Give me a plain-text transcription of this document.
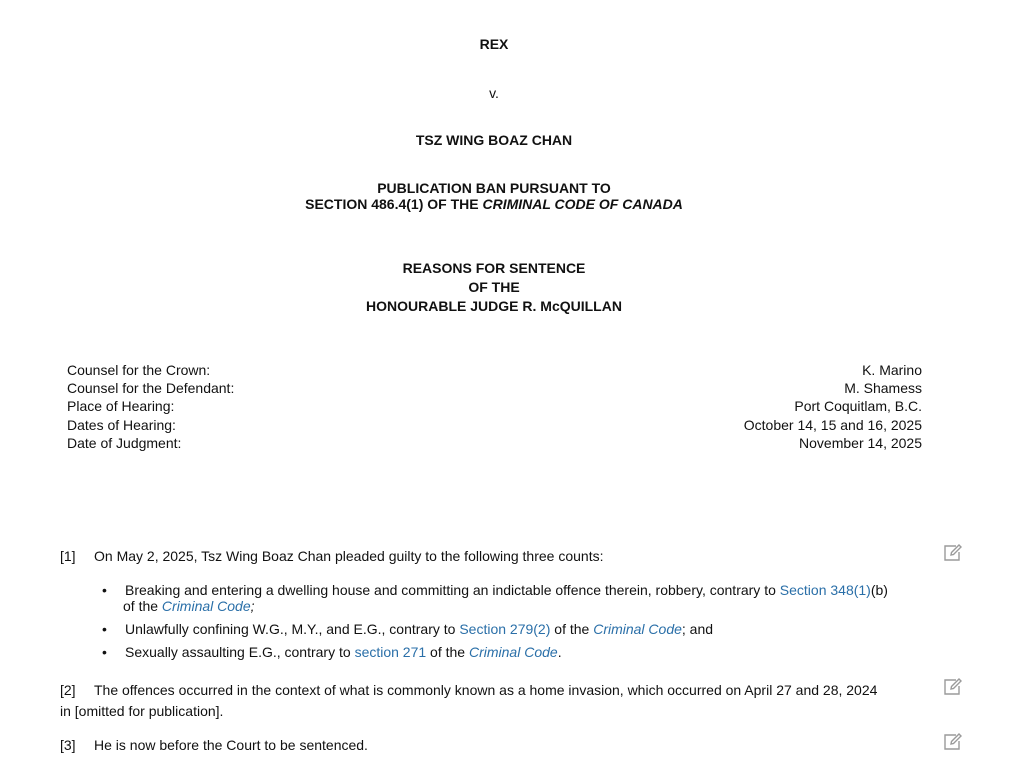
REX
v.
TSZ WING BOAZ CHAN
PUBLICATION BAN PURSUANT TO
SECTION 486.4(1) OF THE CRIMINAL CODE OF CANADA
REASONS FOR SENTENCE
OF THE
HONOURABLE JUDGE R. McQUILLAN
Counsel for the Crown:	K. Marino
Counsel for the Defendant:	M. Shamess
Place of Hearing:	Port Coquitlam, B.C.
Dates of Hearing:	October 14, 15 and 16, 2025
Date of Judgment:	November 14, 2025
[1] On May 2, 2025, Tsz Wing Boaz Chan pleaded guilty to the following three counts:
•	Breaking and entering a dwelling house and committing an indictable offence therein, robbery, contrary to Section 348(1)(b)
of the Criminal Code;
•	Unlawfully confining W.G., M.Y., and E.G., contrary to Section 279(2) of the Criminal Code; and
•	Sexually assaulting E.G., contrary to section 271 of the Criminal Code.
[2] The offences occurred in the context of what is commonly known as a home invasion, which occurred on April 27 and 28, 2024 in [omitted for publication].
[3] He is now before the Court to be sentenced.
